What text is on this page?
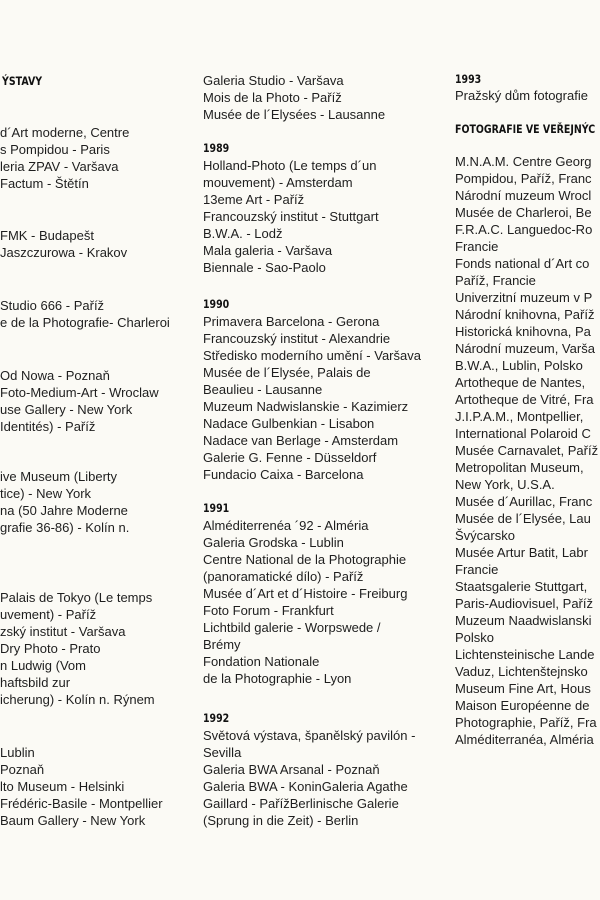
ÝSTAVY
d´Art moderne, Centre
s Pompidou - Paris
leria ZPAV - Varšava
Factum - Štětín
FMK - Budapešt
Jaszczurowa - Krakov
Studio 666 - Paříž
e de la Photografie- Charleroi
Od Nowa - Poznaň
Foto-Medium-Art - Wroclaw
use Gallery - New York
Identités) - Paříž
ive Museum (Liberty
tice) - New York
na (50 Jahre Moderne
grafie 36-86) - Kolín n.
Palais de Tokyo (Le temps
uvement) - Paříž
zský institut - Varšava
Dry Photo - Prato
n Ludwig (Vom
haftsbild zur
icherung) - Kolín n. Rýnem
Lublin
Poznaň
lto Museum - Helsinki
Frédéric-Basile - Montpellier
Baum Gallery - New York
Galeria Studio - Varšava
Mois de la Photo - Paříž
Musée de l´Elysées - Lausanne
1989
Holland-Photo (Le temps d´un
mouvement) - Amsterdam
13eme Art - Paříž
Francouzský institut - Stuttgart
B.W.A. - Lodž
Mala galeria - Varšava
Biennale - Sao-Paolo
1990
Primavera Barcelona - Gerona
Francouzský institut - Alexandrie
Středisko moderního umění - Varšava
Musée de l´Elysée, Palais de
Beaulieu - Lausanne
Muzeum Nadwislanskie - Kazimierz
Nadace Gulbenkian - Lisabon
Nadace van Berlage - Amsterdam
Galerie G. Fenne - Düsseldorf
Fundacio Caixa - Barcelona
1991
Alméditerrenéa ´92 - Alméria
Galeria Grodska - Lublin
Centre National de la Photographie
(panoramatické dílo) - Paříž
Musée d´Art et d´Histoire - Freiburg
Foto Forum - Frankfurt
Lichtbild galerie - Worpswede /
Brémy
Fondation Nationale
de la Photographie - Lyon
1992
Světová výstava, španělský pavilón -
Sevilla
Galeria BWA Arsanal - Poznaň
Galeria BWA - KoninGaleria Agathe
Gaillard - PařížBerlinische Galerie
(Sprung in die Zeit) - Berlin
1993
Pražský dům fotografie
FOTOGRAFIE VE VEŘEJNÝC
M.N.A.M. Centre Georg
Pompidou, Paříž, Franc
Národní muzeum Wrocl
Musée de Charleroi, Be
F.R.A.C. Languedoc-Ro
Francie
Fonds national d´Art co
Paříž, Francie
Univerzitní muzeum v P
Národní knihovna, Paříž
Historická knihovna, Pa
Národní muzeum, Varša
B.W.A., Lublin, Polsko
Artotheque de Nantes,
Artotheque de Vitré, Fra
J.I.P.A.M., Montpellier,
International Polaroid C
Musée Carnavalet, Paříž
Metropolitan Museum,
New York, U.S.A.
Musée d´Aurillac, Franc
Musée de l´Elysée, Lau
Švýcarsko
Musée Artur Batit, Labr
Francie
Staatsgalerie Stuttgart,
Paris-Audiovisuel, Paříž
Muzeum Naadwislanski
Polsko
Lichtensteinische Lande
Vaduz, Lichtenštejnsko
Museum Fine Art, Hous
Maison Européenne de
Photographie, Paříž, Fra
Alméditerranéa, Alméria
